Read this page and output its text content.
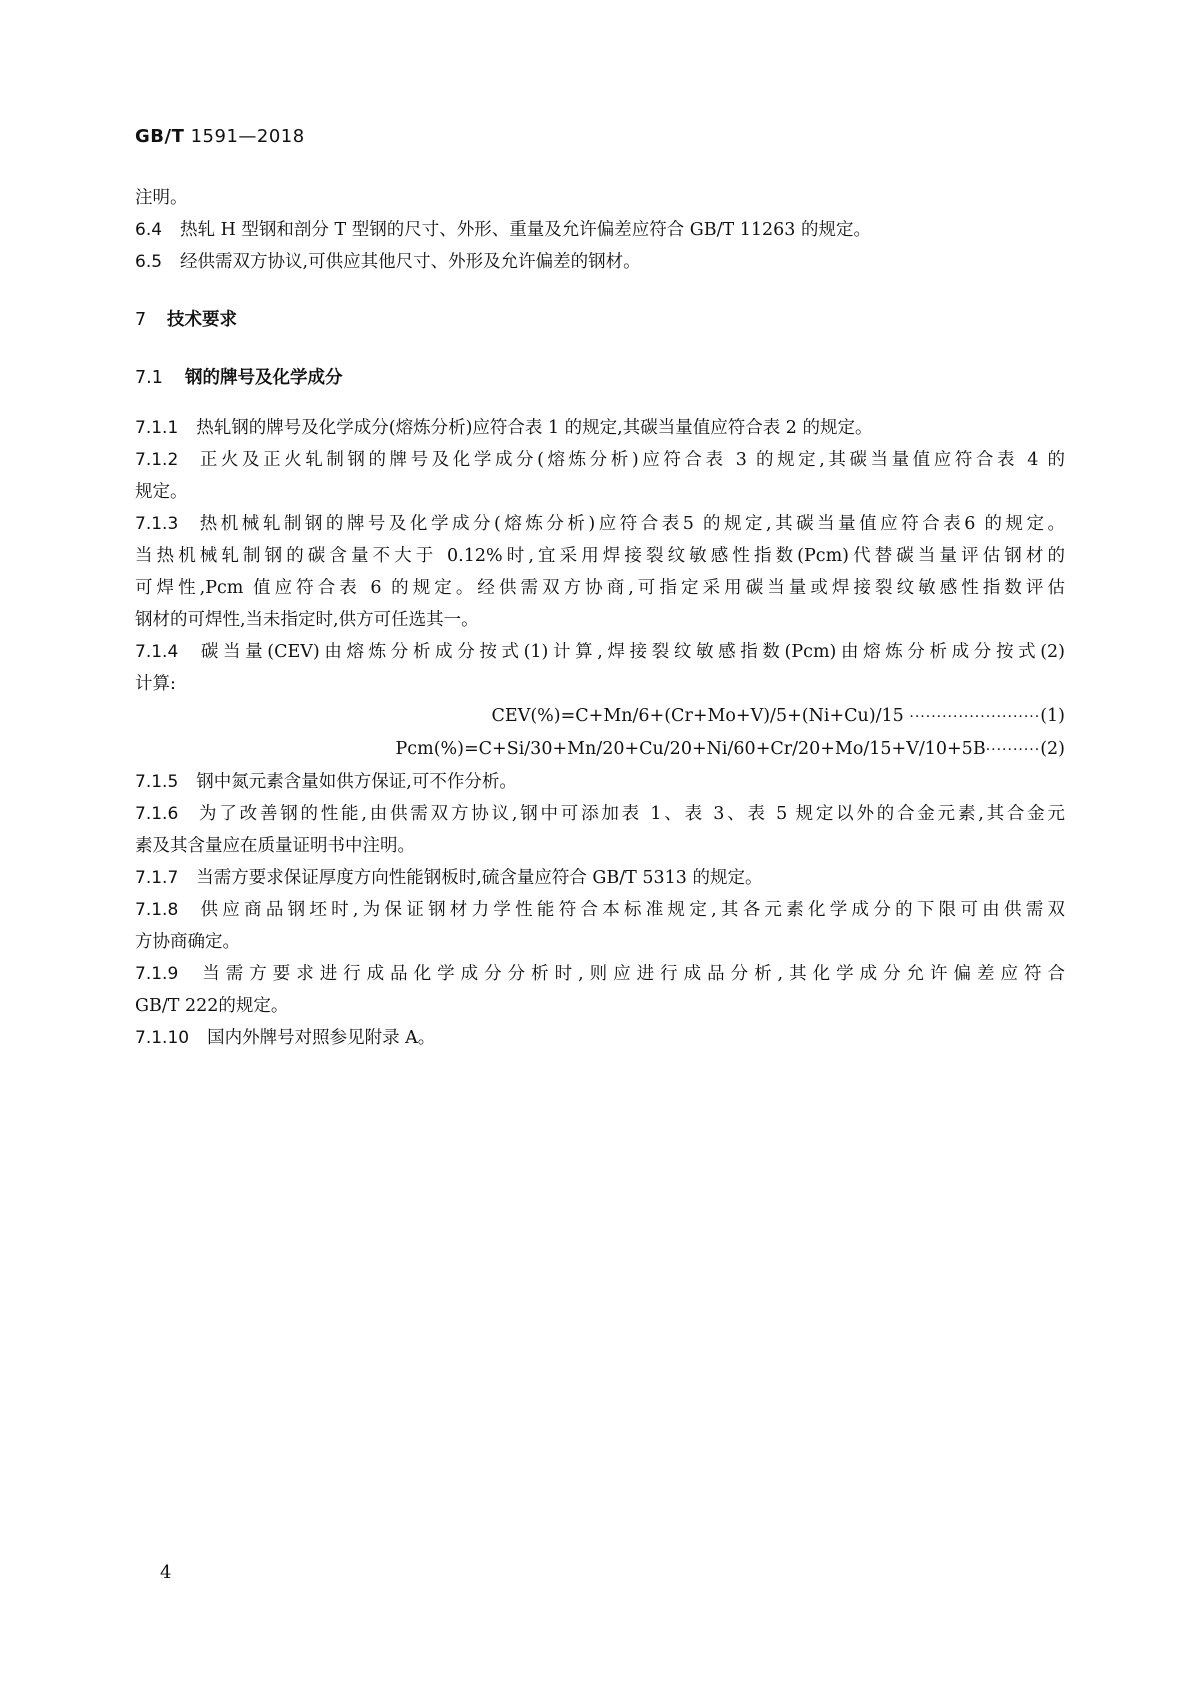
GB/T 1591—2018
注明。
6.4 热轧 H 型钢和剖分 T 型钢的尺寸、外形、重量及允许偏差应符合 GB/T 11263 的规定。
6.5 经供需双方协议,可供应其他尺寸、外形及允许偏差的钢材。
7 技术要求
7.1 钢的牌号及化学成分
7.1.1 热轧钢的牌号及化学成分(熔炼分析)应符合表 1 的规定,其碳当量值应符合表 2 的规定。
7.1.2 正火及正火轧制钢的牌号及化学成分(熔炼分析)应符合表 3 的规定,其碳当量值应符合表 4 的
规定。
7.1.3 热机械轧制钢的牌号及化学成分(熔炼分析)应符合表5 的规定,其碳当量值应符合表6 的规定。
当热机械轧制钢的碳含量不大于 0.12%时,宜采用焊接裂纹敏感性指数(Pcm)代替碳当量评估钢材的
可焊性,Pcm 值应符合表 6 的规定。经供需双方协商,可指定采用碳当量或焊接裂纹敏感性指数评估
钢材的可焊性,当未指定时,供方可任选其一。
7.1.4 碳当量(CEV)由熔炼分析成分按式(1)计算,焊接裂纹敏感指数(Pcm)由熔炼分析成分按式(2)
计算:
CEV(%)=C+Mn/6+(Cr+Mo+V)/5+(Ni+Cu)/15 ························(1)
Pcm(%)=C+Si/30+Mn/20+Cu/20+Ni/60+Cr/20+Mo/15+V/10+5B··········(2)
7.1.5 钢中氮元素含量如供方保证,可不作分析。
7.1.6 为了改善钢的性能,由供需双方协议,钢中可添加表 1、表 3、表 5 规定以外的合金元素,其合金元
素及其含量应在质量证明书中注明。
7.1.7 当需方要求保证厚度方向性能钢板时,硫含量应符合 GB/T 5313 的规定。
7.1.8 供应商品钢坯时,为保证钢材力学性能符合本标准规定,其各元素化学成分的下限可由供需双
方协商确定。
7.1.9 当需方要求进行成品化学成分分析时,则应进行成品分析,其化学成分允许偏差应符合
GB/T 222的规定。
7.1.10 国内外牌号对照参见附录 A。
4
